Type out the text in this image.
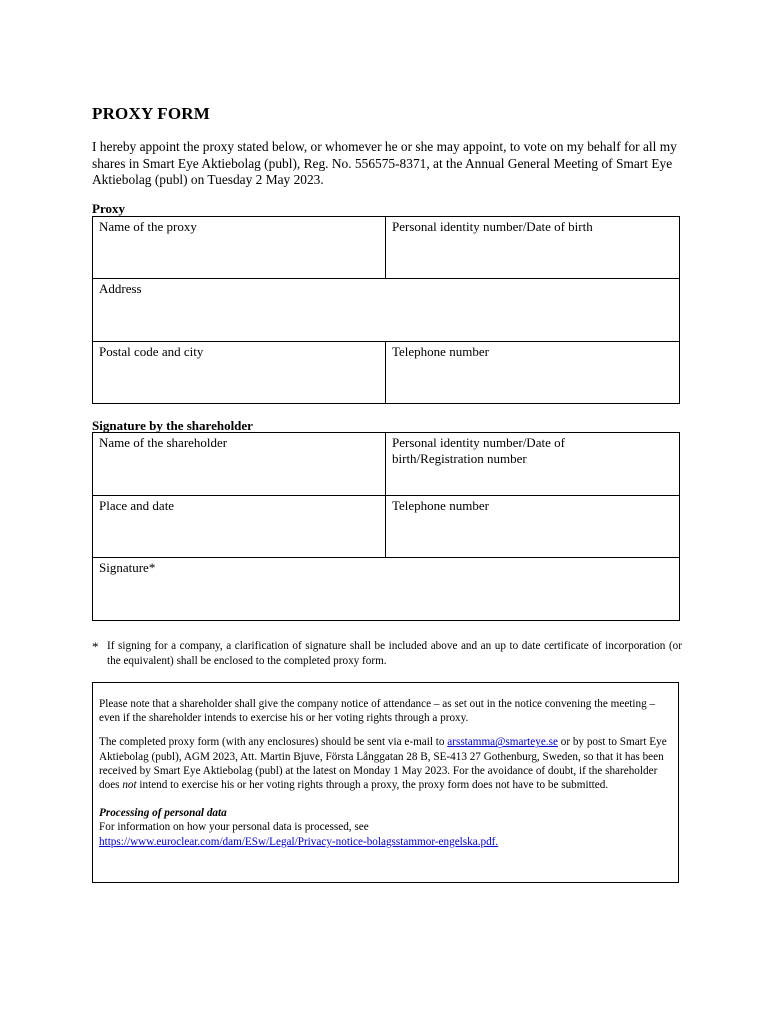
PROXY FORM
I hereby appoint the proxy stated below, or whomever he or she may appoint, to vote on my behalf for all my shares in Smart Eye Aktiebolag (publ), Reg. No. 556575-8371, at the Annual General Meeting of Smart Eye Aktiebolag (publ) on Tuesday 2 May 2023.
Proxy
Name of the proxy	Personal identity number/Date of birth
Address	
Postal code and city	Telephone number
Signature by the shareholder
Name of the shareholder	Personal identity number/Date of birth/Registration number
Place and date	Telephone number
Signature*	
* If signing for a company, a clarification of signature shall be included above and an up to date certificate of incorporation (or the equivalent) shall be enclosed to the completed proxy form.

Please note that a shareholder shall give the company notice of attendance – as set out in the notice convening the meeting – even if the shareholder intends to exercise his or her voting rights through a proxy.

The completed proxy form (with any enclosures) should be sent via e-mail to arsstamma@smarteye.se or by post to Smart Eye Aktiebolag (publ), AGM 2023, Att. Martin Bjuve, Första Långgatan 28 B, SE-413 27 Gothenburg, Sweden, so that it has been received by Smart Eye Aktiebolag (publ) at the latest on Monday 1 May 2023. For the avoidance of doubt, if the shareholder does not intend to exercise his or her voting rights through a proxy, the proxy form does not have to be submitted.

Processing of personal data
For information on how your personal data is processed, see
https://www.euroclear.com/dam/ESw/Legal/Privacy-notice-bolagsstammor-engelska.pdf.
